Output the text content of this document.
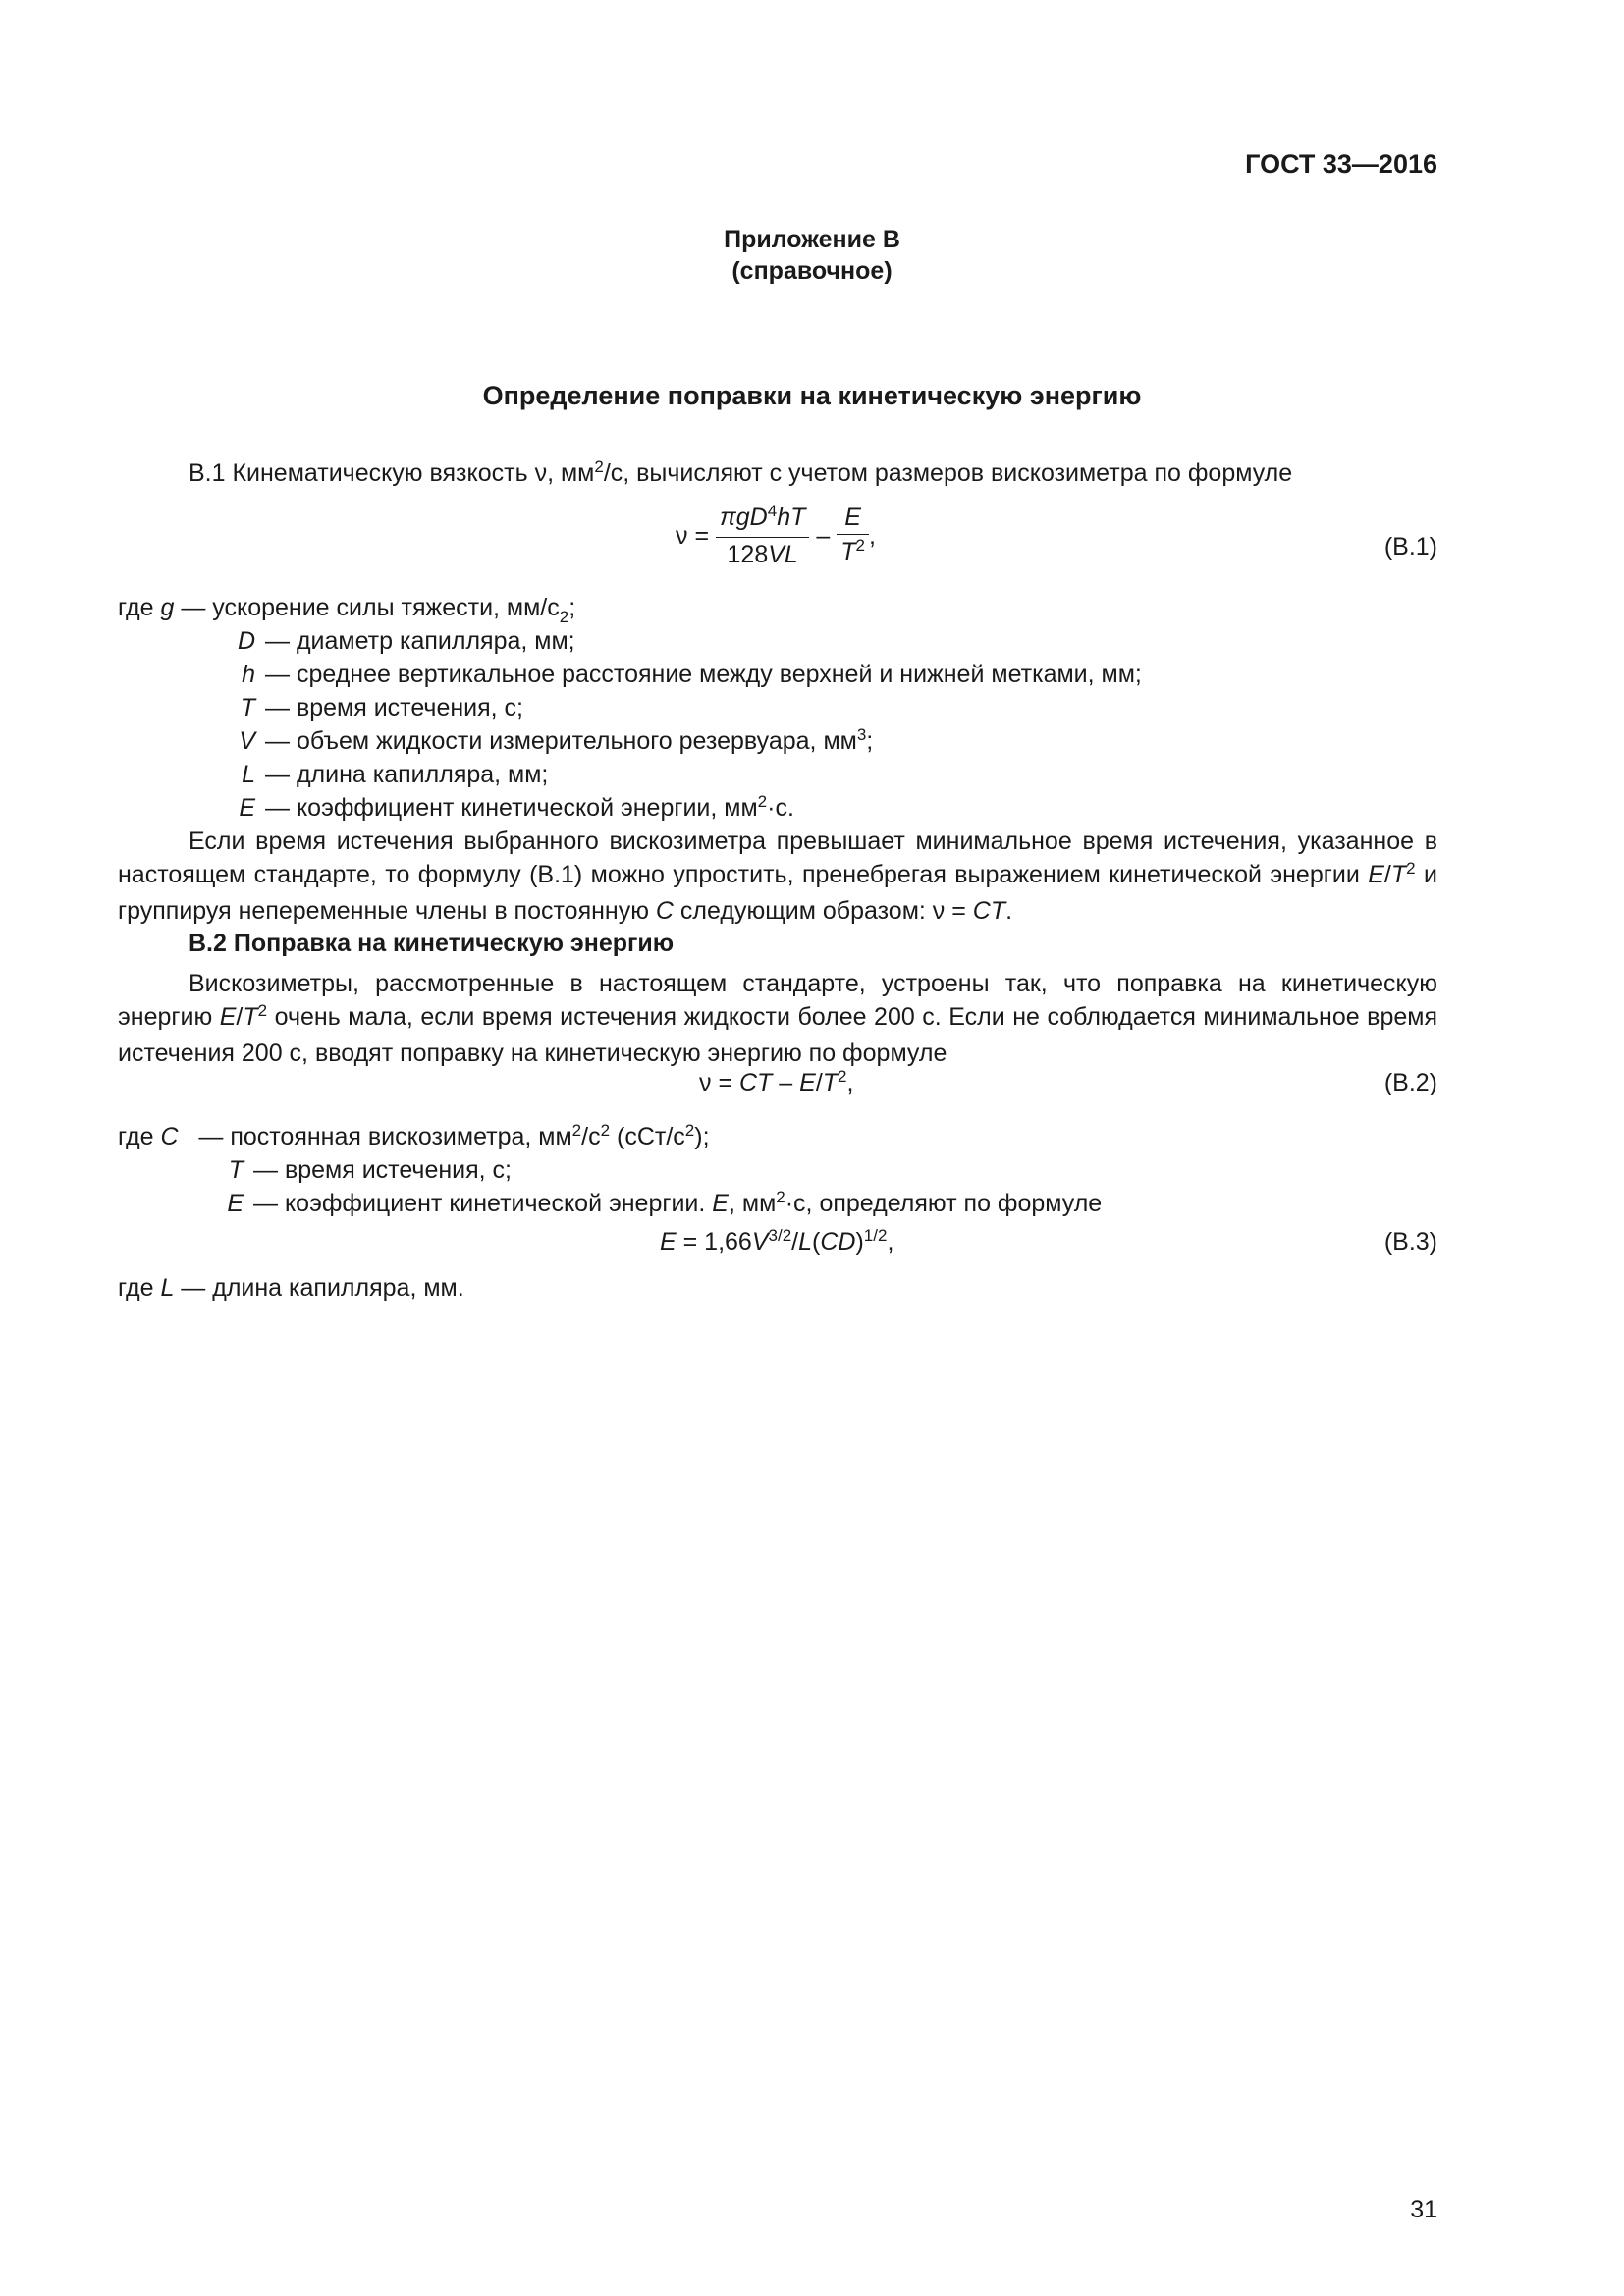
ГОСТ 33—2016
Приложение В
(справочное)
Определение поправки на кинетическую энергию
В.1 Кинематическую вязкость ν, $мм^2/с$, вычисляют с учетом размеров вискозиметра по формуле
$\nu = \frac{\pi gD^4hT}{128VL} - \frac{E}{T^2}$ ,	(B.1)
где g — ускорение силы тяжести, $мм/с_2$;
D — диаметр капилляра, мм;
h — среднее вертикальное расстояние между верхней и нижней метками, мм;
T — время истечения, с;
V — объем жидкости измерительного резервуара, $мм^3$;
L — длина капилляра, мм;
E — коэффициент кинетической энергии, $мм^2\cdot с$.
Если время истечения выбранного вискозиметра превышает минимальное время истечения, указанное в настоящем стандарте, то формулу (В.1) можно упростить, пренебрегая выражением кинетической энергии $E/T^2$ и группируя непеременные члены в постоянную C следующим образом: ν = CT.
В.2 Поправка на кинетическую энергию
Вискозиметры, рассмотренные в настоящем стандарте, устроены так, что поправка на кинетическую энергию $E/T^2$ очень мала, если время истечения жидкости более 200 с. Если не соблюдается минимальное время истечения 200 с, вводят поправку на кинетическую энергию по формуле
ν = CT – $E/T^2$,	(B.2)
где C — постоянная вискозиметра, $мм^2/с^2$ $(сСт/с^2)$;
T — время истечения, с;
E — коэффициент кинетической энергии. E, $мм^2\cdot с$, определяют по формуле
$E = 1,66V^{3/2}/L(CD)^{1/2}$,	(B.3)
где L — длина капилляра, мм.
31
